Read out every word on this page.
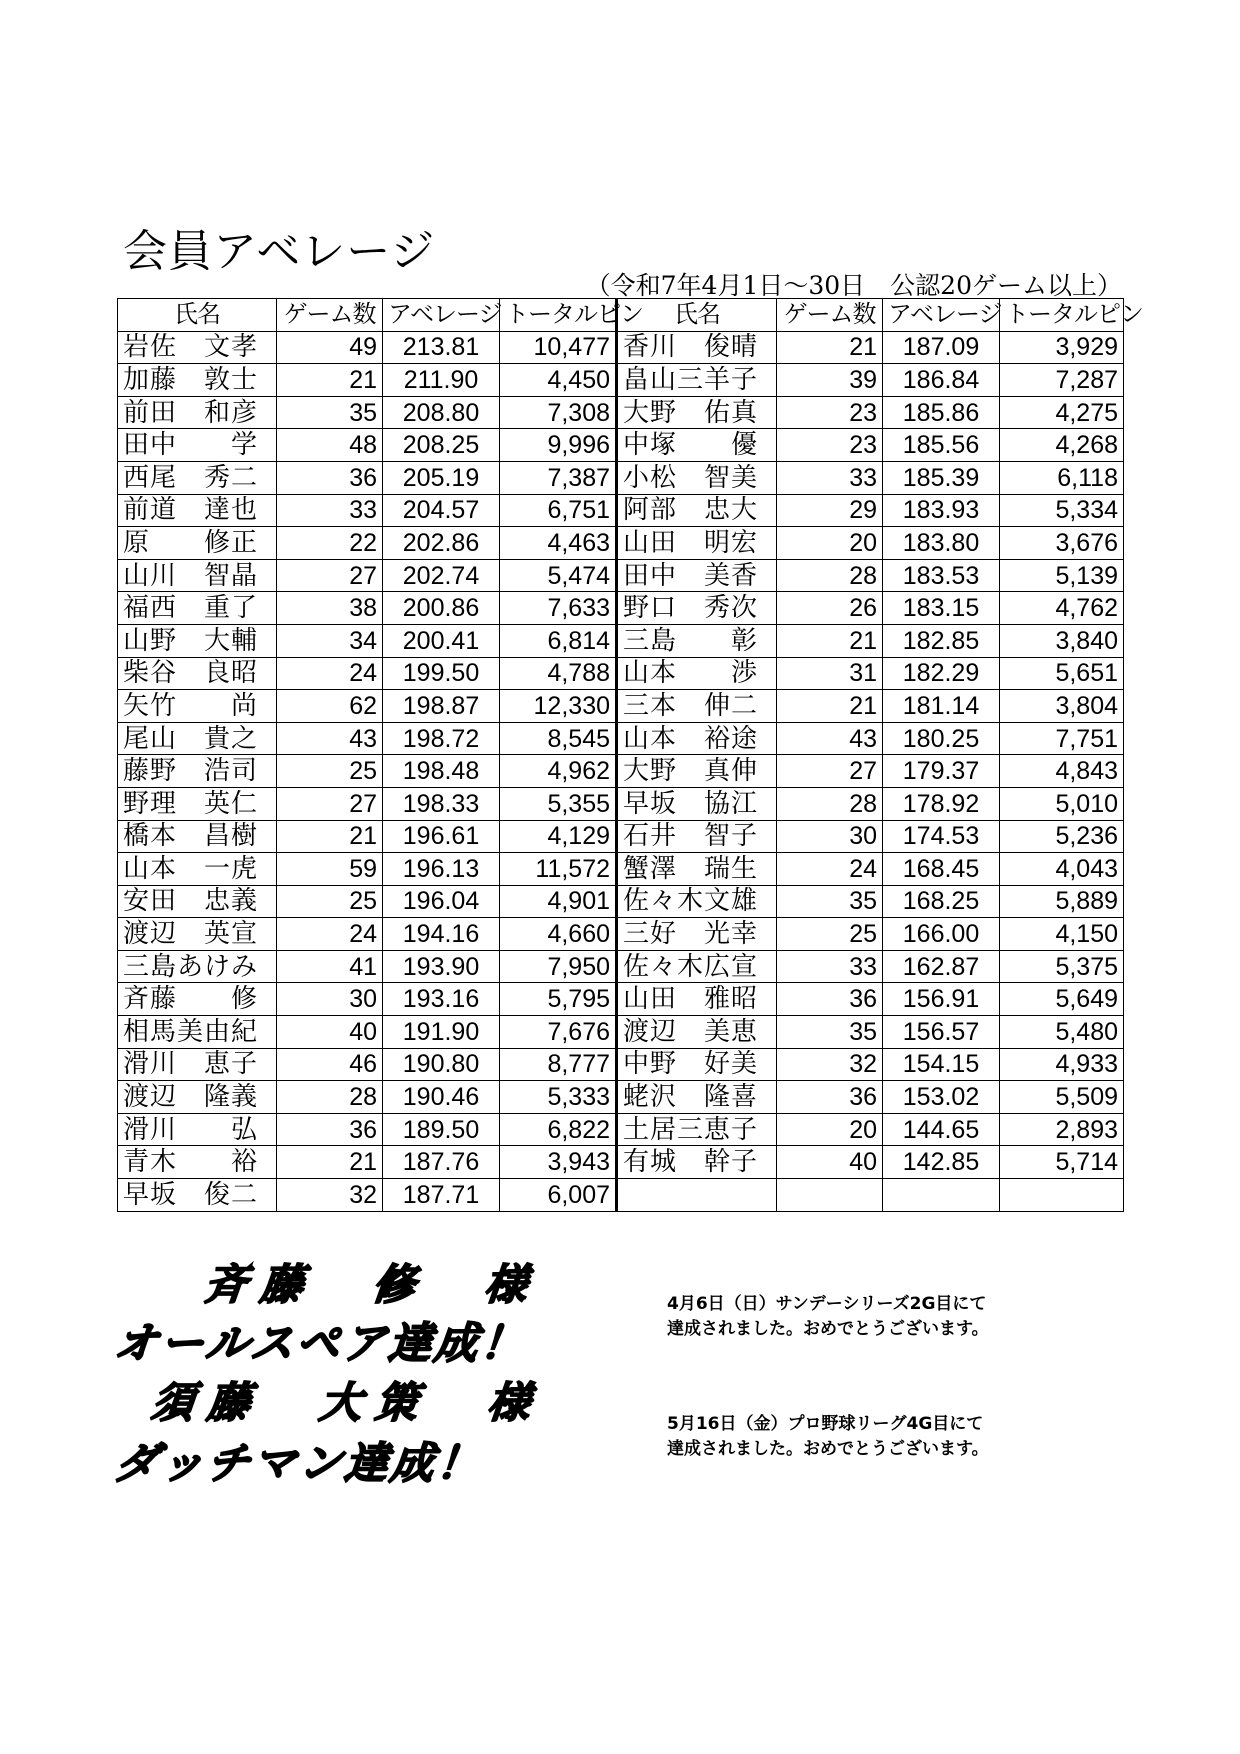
会員アベレージ
（令和7年4月1日～30日　公認20ゲーム以上）
氏名	ゲーム数	アベレージ	トータルピン	氏名	ゲーム数	アベレージ	トータルピン
岩佐　文孝	49	213.81	10,477	香川　俊晴	21	187.09	3,929
加藤　敦士	21	211.90	4,450	畠山三羊子	39	186.84	7,287
前田　和彦	35	208.80	7,308	大野　佑真	23	185.86	4,275
田中　　学	48	208.25	9,996	中塚　　優	23	185.56	4,268
西尾　秀二	36	205.19	7,387	小松　智美	33	185.39	6,118
前道　達也	33	204.57	6,751	阿部　忠大	29	183.93	5,334
原　　修正	22	202.86	4,463	山田　明宏	20	183.80	3,676
山川　智晶	27	202.74	5,474	田中　美香	28	183.53	5,139
福西　重了	38	200.86	7,633	野口　秀次	26	183.15	4,762
山野　大輔	34	200.41	6,814	三島　　彰	21	182.85	3,840
柴谷　良昭	24	199.50	4,788	山本　　渉	31	182.29	5,651
矢竹　　尚	62	198.87	12,330	三本　伸二	21	181.14	3,804
尾山　貴之	43	198.72	8,545	山本　裕途	43	180.25	7,751
藤野　浩司	25	198.48	4,962	大野　真伸	27	179.37	4,843
野理　英仁	27	198.33	5,355	早坂　協江	28	178.92	5,010
橋本　昌樹	21	196.61	4,129	石井　智子	30	174.53	5,236
山本　一虎	59	196.13	11,572	蟹澤　瑞生	24	168.45	4,043
安田　忠義	25	196.04	4,901	佐々木文雄	35	168.25	5,889
渡辺　英宣	24	194.16	4,660	三好　光幸	25	166.00	4,150
三島あけみ	41	193.90	7,950	佐々木広宣	33	162.87	5,375
斉藤　　修	30	193.16	5,795	山田　雅昭	36	156.91	5,649
相馬美由紀	40	191.90	7,676	渡辺　美恵	35	156.57	5,480
滑川　恵子	46	190.80	8,777	中野　好美	32	154.15	4,933
渡辺　隆義	28	190.46	5,333	蛯沢　隆喜	36	153.02	5,509
滑川　　弘	36	189.50	6,822	土居三恵子	20	144.65	2,893
青木　　裕	21	187.76	3,943	有城　幹子	40	142.85	5,714
早坂　俊二	32	187.71	6,007				
斉藤　修　様
オールスペア達成！
須藤　大策　様
ダッチマン達成！
4月6日（日）サンデーシリーズ2G目にて
達成されました。おめでとうございます。
5月16日（金）プロ野球リーグ4G目にて
達成されました。おめでとうございます。
